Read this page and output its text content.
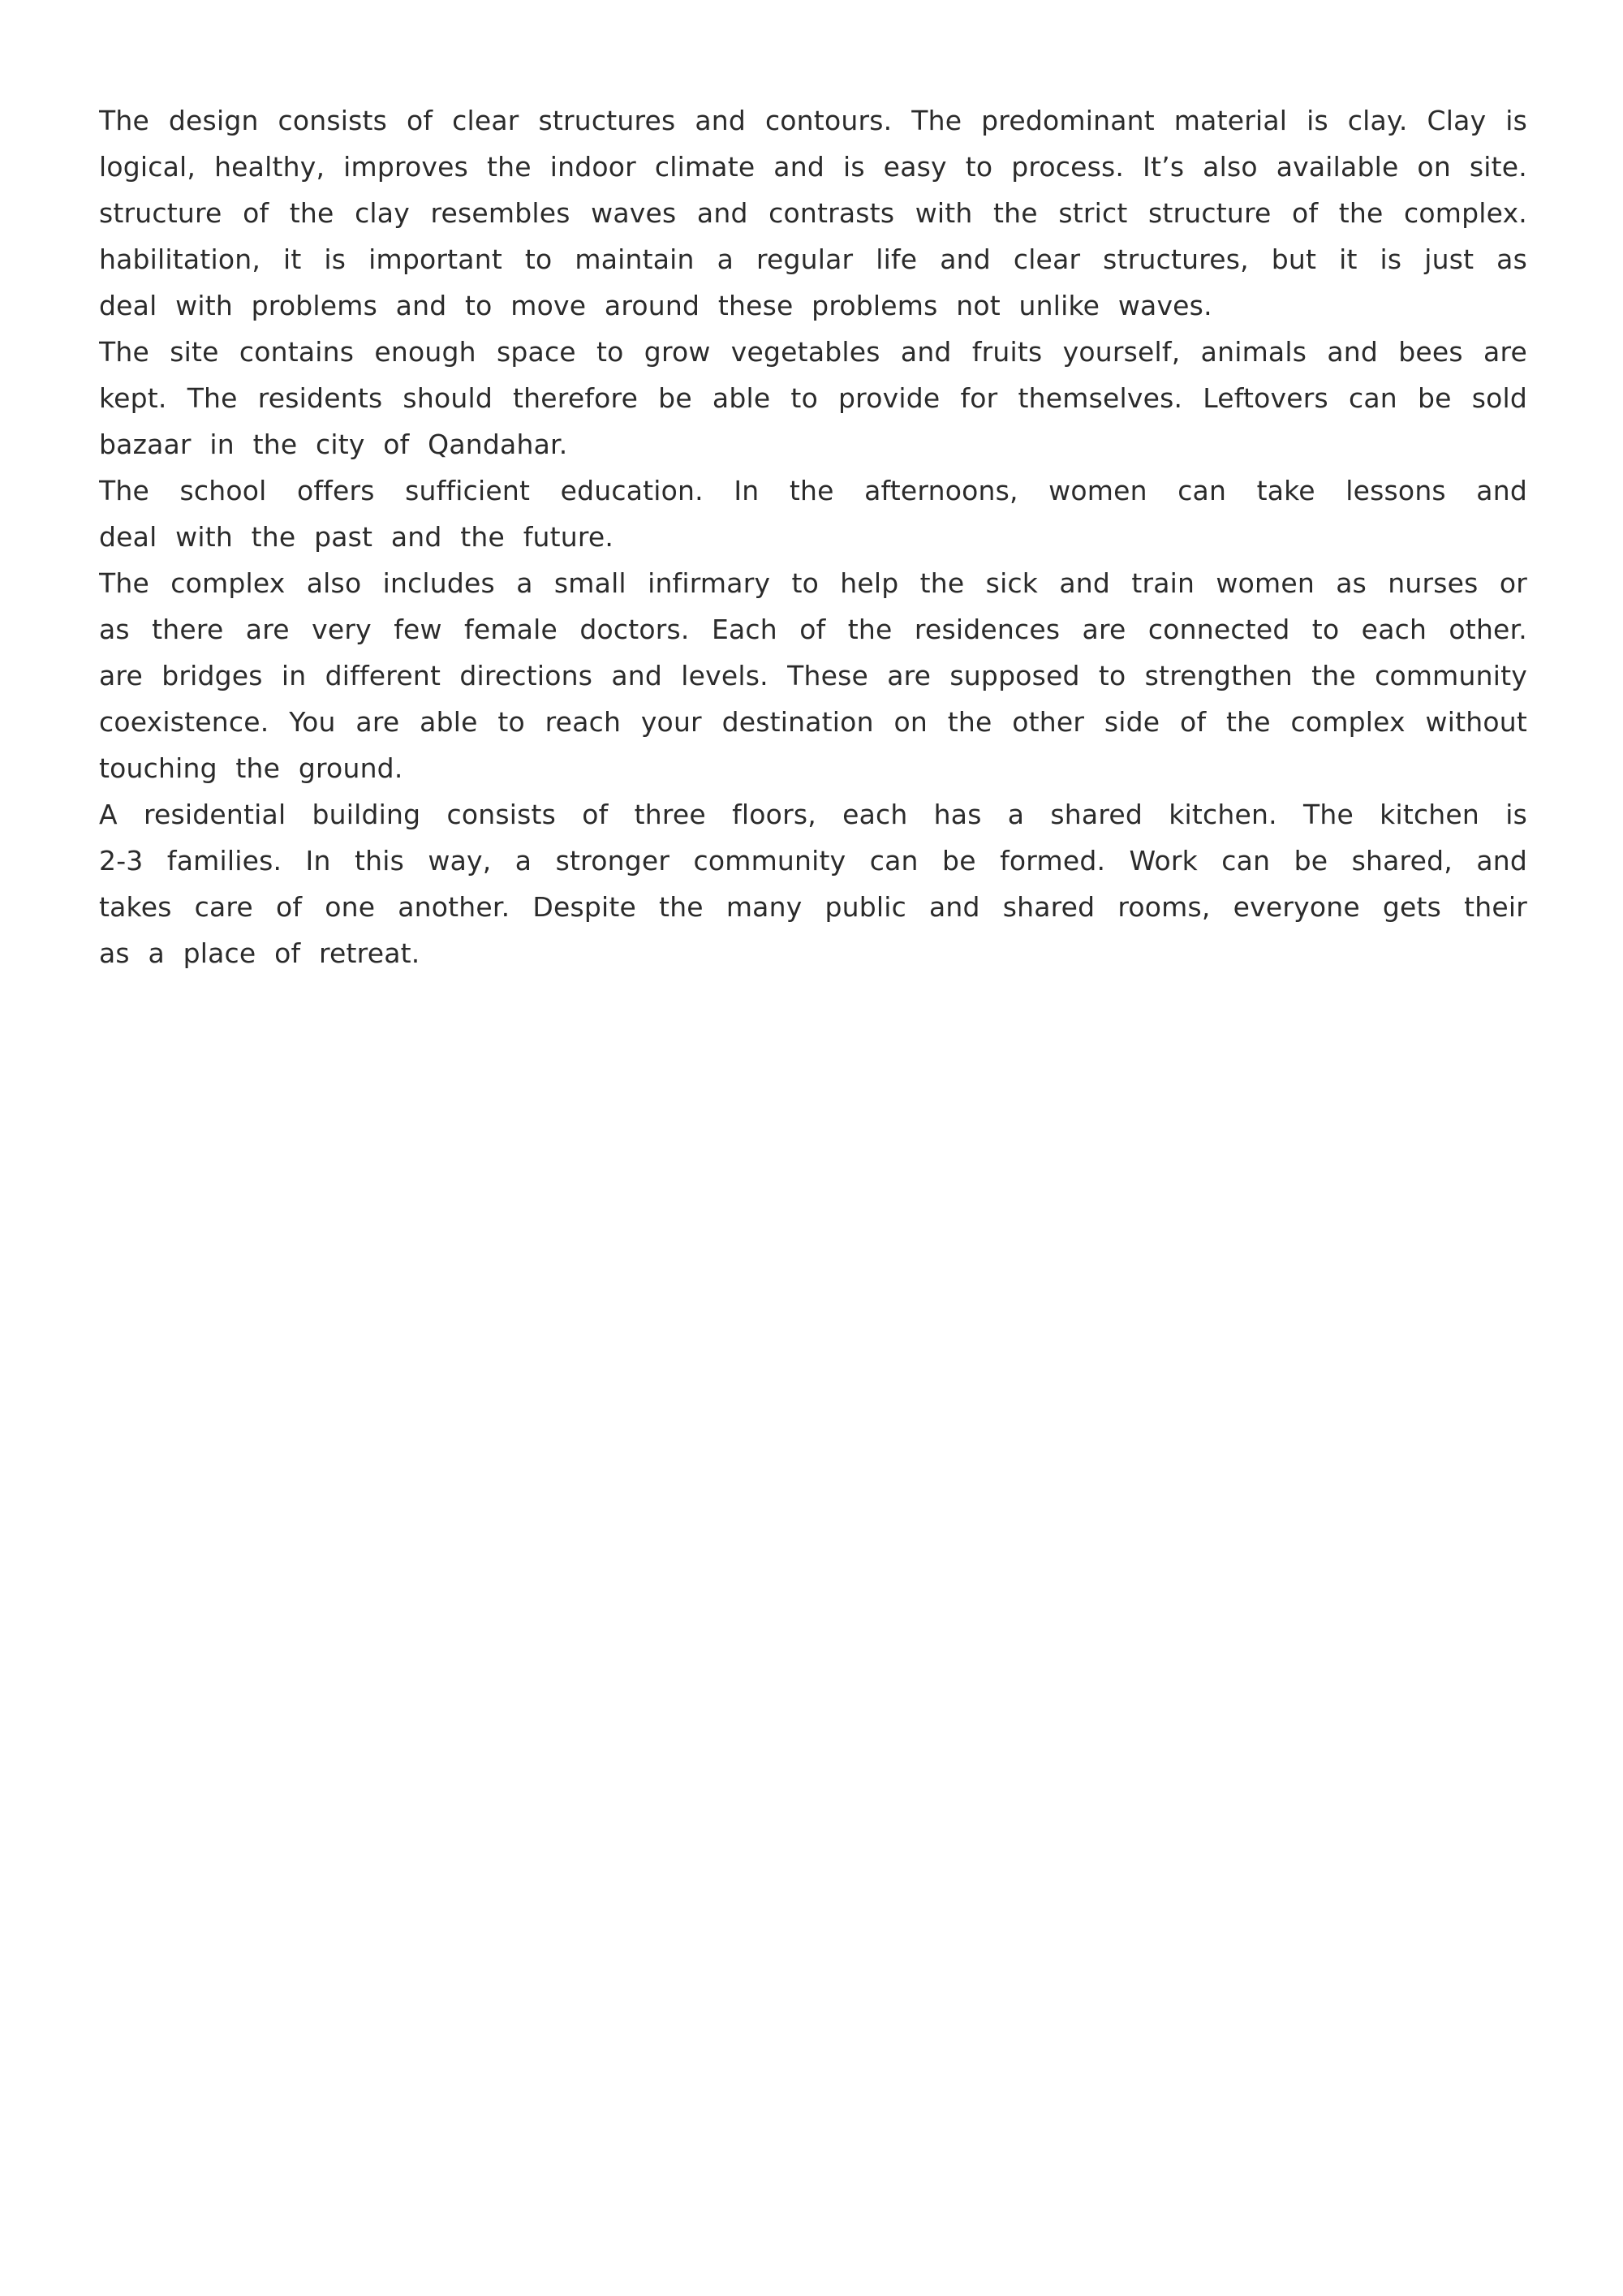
The design consists of clear structures and contours. The predominant material is clay. Clay is
logical, healthy, improves the indoor climate and is easy to process. It’s also available on site.
structure of the clay resembles waves and contrasts with the strict structure of the complex.
habilitation, it is important to maintain a regular life and clear structures, but it is just as
deal with problems and to move around these problems not unlike waves.
The site contains enough space to grow vegetables and fruits yourself, animals and bees are
kept. The residents should therefore be able to provide for themselves. Leftovers can be sold
bazaar in the city of Qandahar.
The school offers sufficient education. In the afternoons, women can take lessons and
deal with the past and the future.
The complex also includes a small infirmary to help the sick and train women as nurses or
as there are very few female doctors. Each of the residences are connected to each other.
are bridges in different directions and levels. These are supposed to strengthen the community
coexistence. You are able to reach your destination on the other side of the complex without
touching the ground.
A residential building consists of three floors, each has a shared kitchen. The kitchen is
2-3 families. In this way, a stronger community can be formed. Work can be shared, and
takes care of one another. Despite the many public and shared rooms, everyone gets their
as a place of retreat.
